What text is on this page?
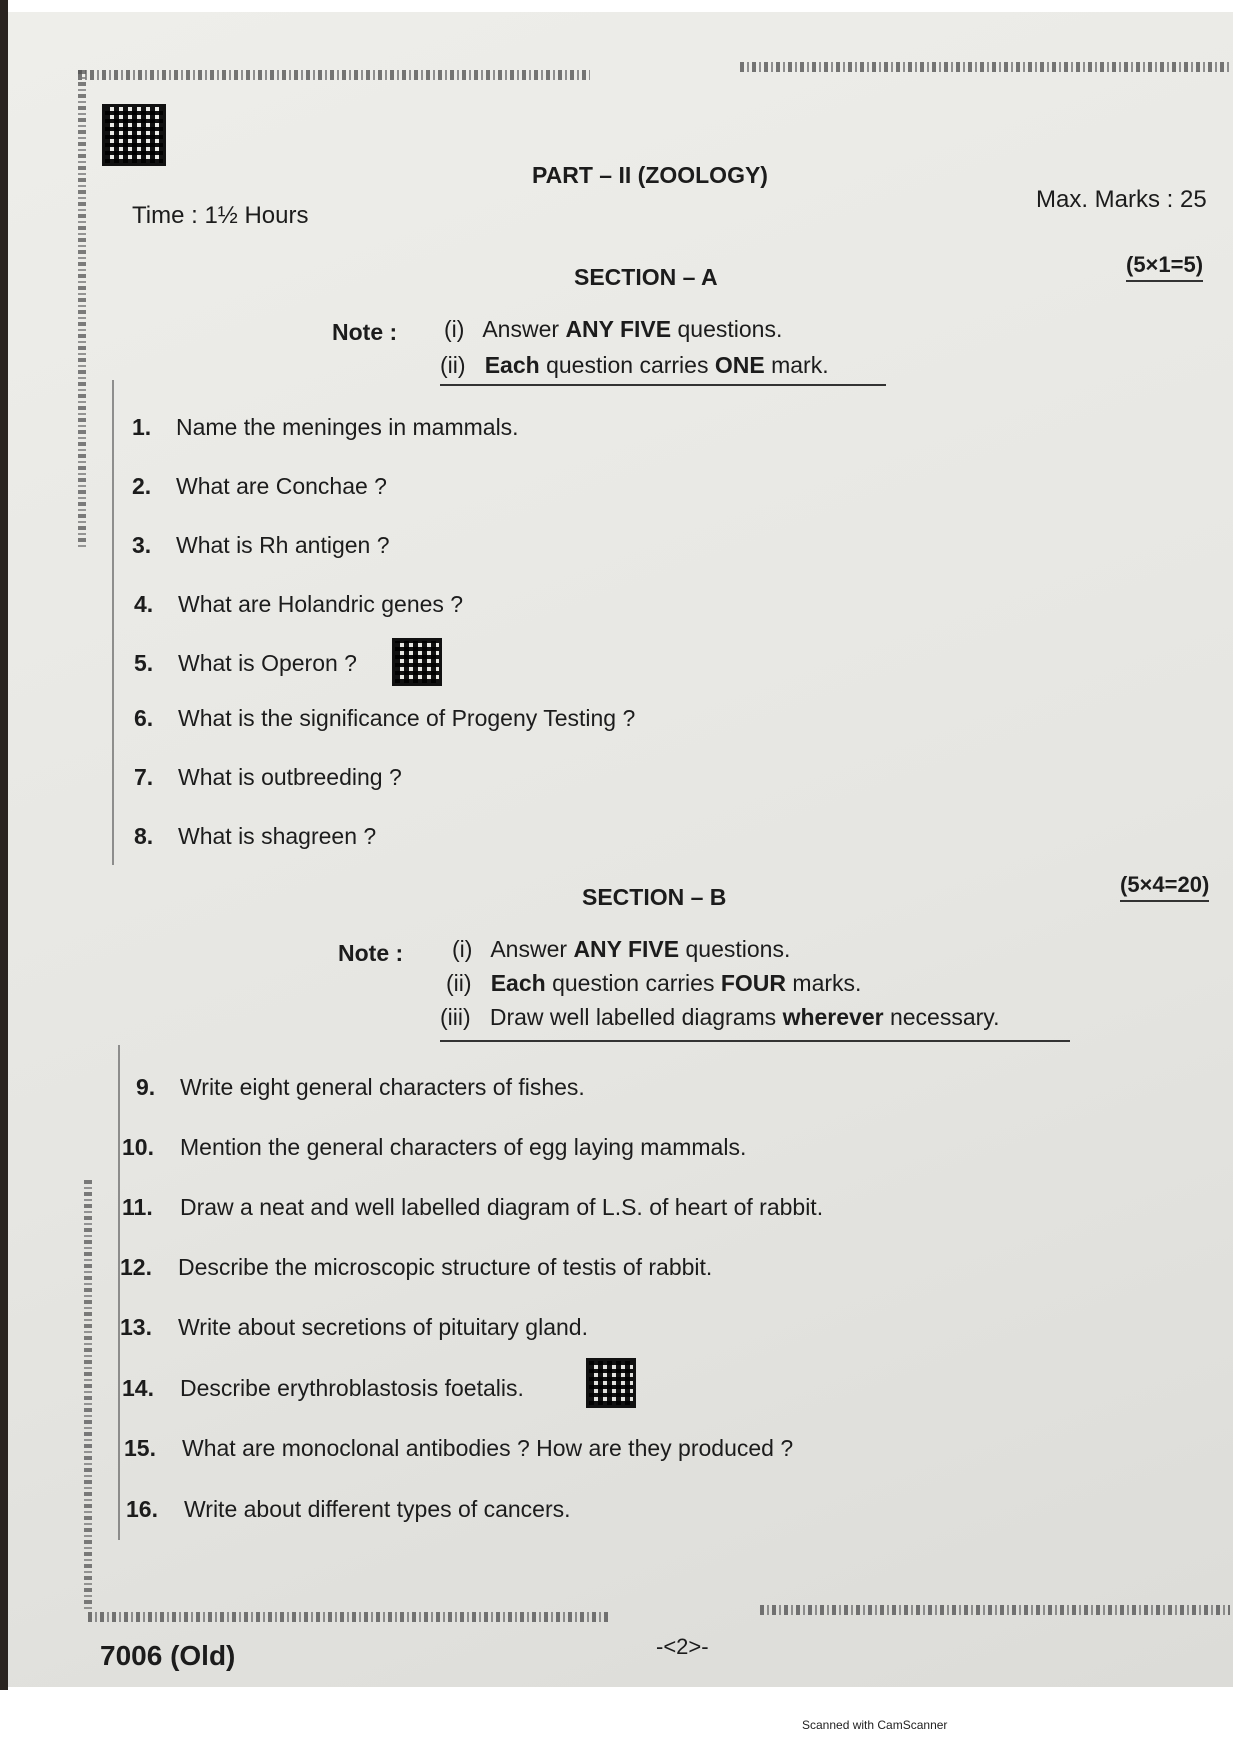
PART – II (ZOOLOGY)
Time : 1½ Hours
Max. Marks : 25
SECTION – A	(5×1=5)
Note : (i) Answer ANY FIVE questions.
(ii) Each question carries ONE mark.
1. Name the meninges in mammals.
2. What are Conchae ?
3. What is Rh antigen ?
4. What are Holandric genes ?
5. What is Operon ?
6. What is the significance of Progeny Testing ?
7. What is outbreeding ?
8. What is shagreen ?
SECTION – B	(5×4=20)
Note : (i) Answer ANY FIVE questions.
(ii) Each question carries FOUR marks.
(iii) Draw well labelled diagrams wherever necessary.
9. Write eight general characters of fishes.
10. Mention the general characters of egg laying mammals.
11. Draw a neat and well labelled diagram of L.S. of heart of rabbit.
12. Describe the microscopic structure of testis of rabbit.
13. Write about secretions of pituitary gland.
14. Describe erythroblastosis foetalis.
15. What are monoclonal antibodies ? How are they produced ?
16. Write about different types of cancers.
7006 (Old)	-<2>-
Scanned with CamScanner
